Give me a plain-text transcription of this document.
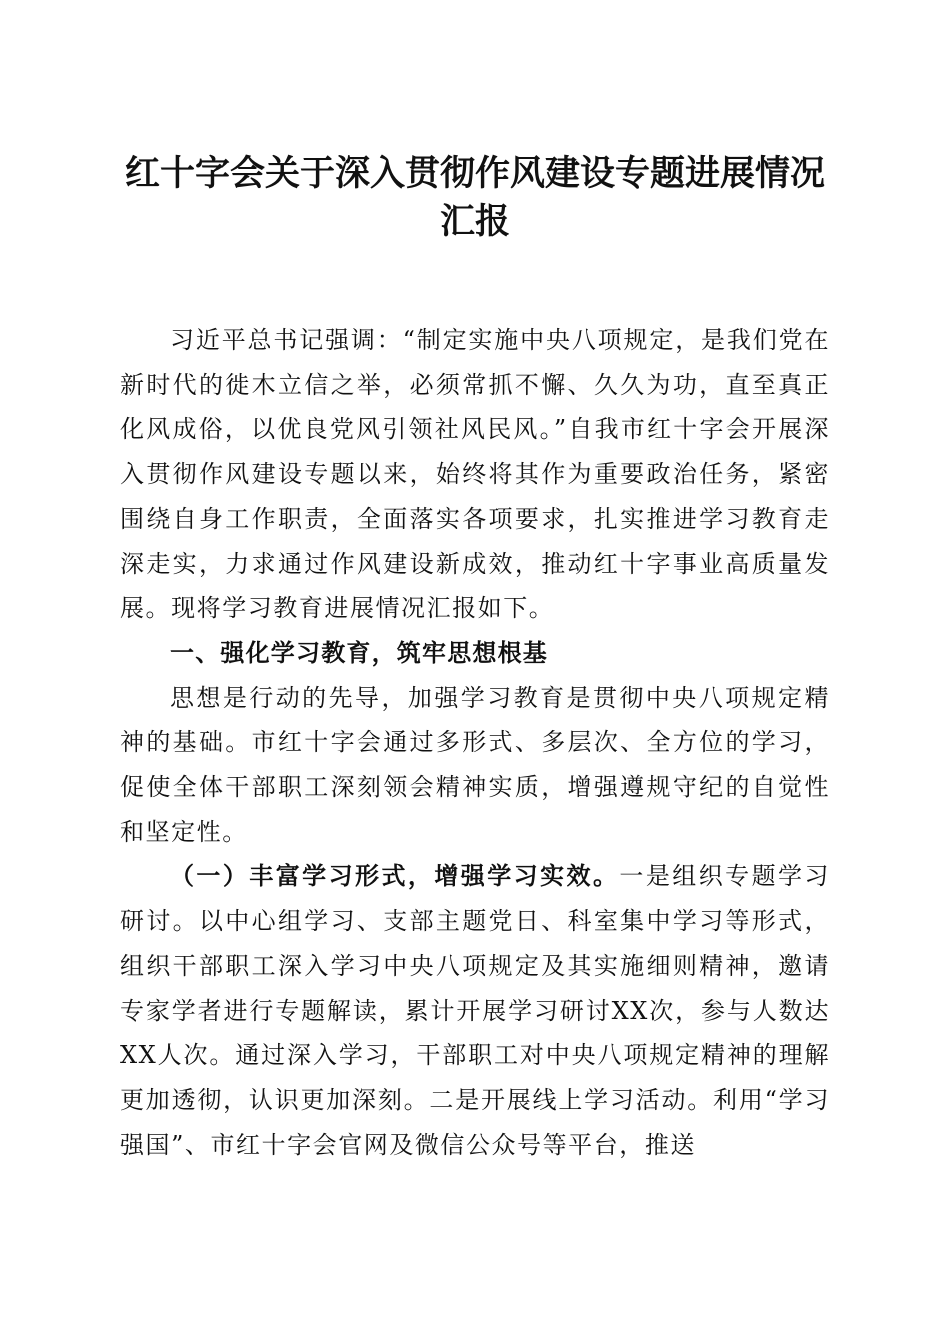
红十字会关于深入贯彻作风建设专题进展情况
汇报

习近平总书记强调：“制定实施中央八项规定，是我们党在新时代的徙木立信之举，必须常抓不懈、久久为功，直至真正化风成俗，以优良党风引领社风民风。”自我市红十字会开展深入贯彻作风建设专题以来，始终将其作为重要政治任务，紧密围绕自身工作职责，全面落实各项要求，扎实推进学习教育走深走实，力求通过作风建设新成效，推动红十字事业高质量发展。现将学习教育进展情况汇报如下。

一、强化学习教育，筑牢思想根基

思想是行动的先导，加强学习教育是贯彻中央八项规定精神的基础。市红十字会通过多形式、多层次、全方位的学习，促使全体干部职工深刻领会精神实质，增强遵规守纪的自觉性和坚定性。

（一）丰富学习形式，增强学习实效。一是组织专题学习研讨。以中心组学习、支部主题党日、科室集中学习等形式，组织干部职工深入学习中央八项规定及其实施细则精神，邀请专家学者进行专题解读，累计开展学习研讨XX次，参与人数达XX人次。通过深入学习，干部职工对中央八项规定精神的理解更加透彻，认识更加深刻。二是开展线上学习活动。利用“学习强国”、市红十字会官网及微信公众号等平台，推送
